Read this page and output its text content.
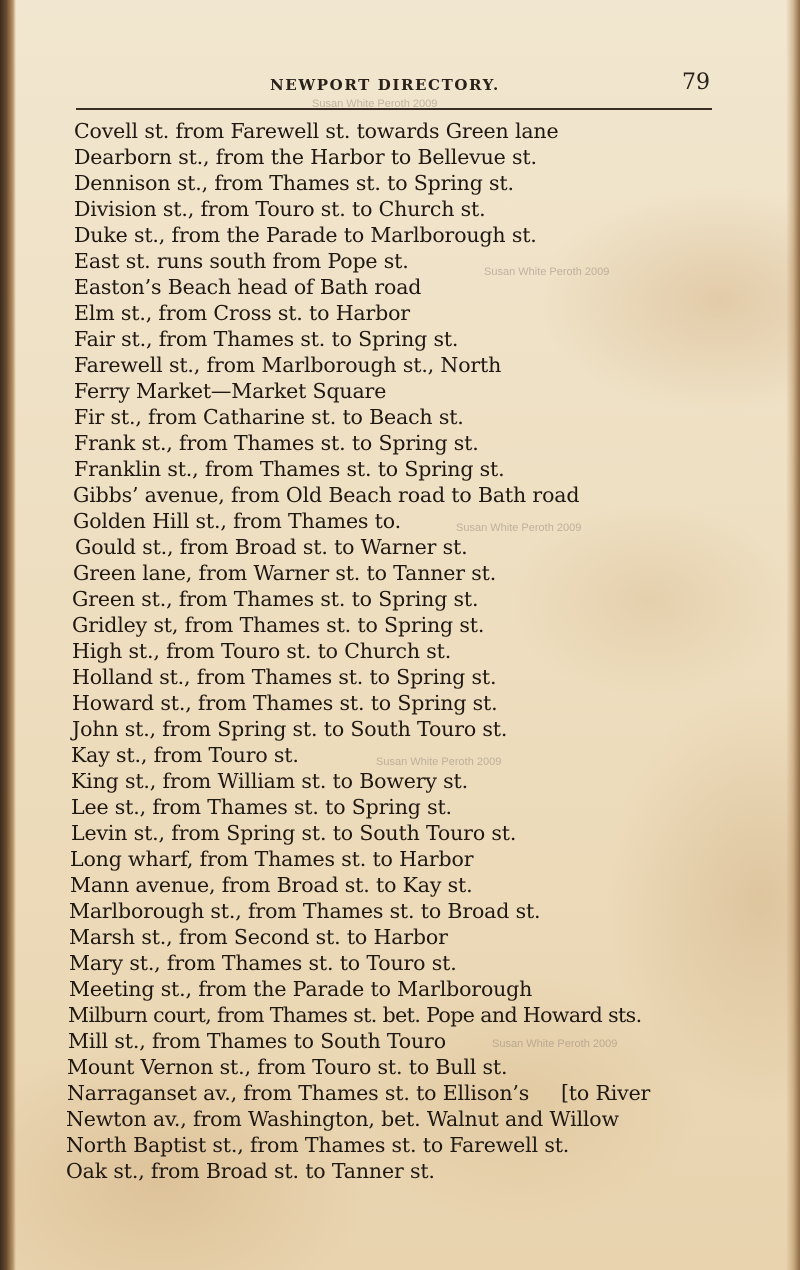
NEWPORT DIRECTORY.	79
Covell st. from Farewell st. towards Green lane
Dearborn st., from the Harbor to Bellevue st.
Dennison st., from Thames st. to Spring st.
Division st., from Touro st. to Church st.
Duke st., from the Parade to Marlborough st.
East st. runs south from Pope st.
Easton’s Beach head of Bath road
Elm st., from Cross st. to Harbor
Fair st., from Thames st. to Spring st.
Farewell st., from Marlborough st., North
Ferry Market—Market Square
Fir st., from Catharine st. to Beach st.
Frank st., from Thames st. to Spring st.
Franklin st., from Thames st. to Spring st.
Gibbs’ avenue, from Old Beach road to Bath road
Golden Hill st., from Thames to.
Gould st., from Broad st. to Warner st.
Green lane, from Warner st. to Tanner st.
Green st., from Thames st. to Spring st.
Gridley st, from Thames st. to Spring st.
High st., from Touro st. to Church st.
Holland st., from Thames st. to Spring st.
Howard st., from Thames st. to Spring st.
John st., from Spring st. to South Touro st.
Kay st., from Touro st.
King st., from William st. to Bowery st.
Lee st., from Thames st. to Spring st.
Levin st., from Spring st. to South Touro st.
Long wharf, from Thames st. to Harbor
Mann avenue, from Broad st. to Kay st.
Marlborough st., from Thames st. to Broad st.
Marsh st., from Second st. to Harbor
Mary st., from Thames st. to Touro st.
Meeting st., from the Parade to Marlborough
Milburn court, from Thames st. bet. Pope and Howard sts.
Mill st., from Thames to South Touro
Mount Vernon st., from Touro st. to Bull st.
Narraganset av., from Thames st. to Ellison’s     [to River
Newton av., from Washington, bet. Walnut and Willow
North Baptist st., from Thames st. to Farewell st.
Oak st., from Broad st. to Tanner st.
Susan White Peroth 2009
Susan White Peroth 2009
Susan White Peroth 2009
Susan White Peroth 2009
Susan White Peroth 2009
